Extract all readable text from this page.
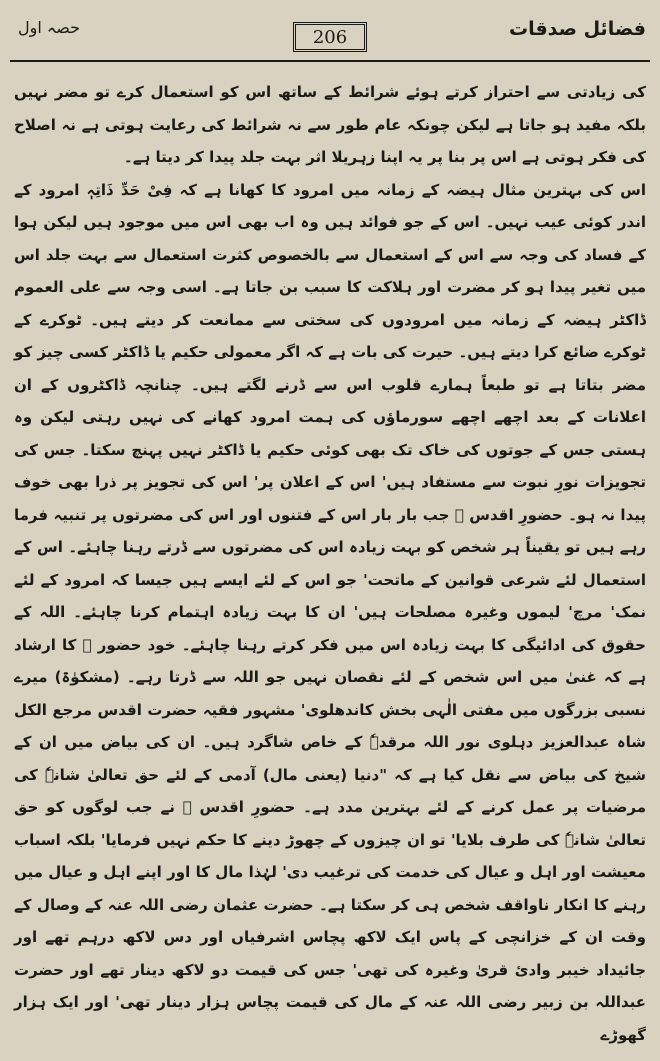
فضائل صدقات
206
حصہ اول

کی زیادتی سے احتراز کرتے ہوئے شرائط کے ساتھ اس کو استعمال کرے تو مضر نہیں بلکہ مفید ہو جاتا ہے لیکن چونکہ عام طور سے نہ شرائط کی رعایت ہوتی ہے نہ اصلاح کی فکر ہوتی ہے اس پر بنا پر یہ اپنا زہریلا اثر بہت جلد پیدا کر دیتا ہے۔

اس کی بہترین مثال ہیضہ کے زمانہ میں امرود کا کھانا ہے کہ فِیْ حَدِّ ذَاتِہٖ امرود کے اندر کوئی عیب نہیں۔ اس کے جو فوائد ہیں وہ اب بھی اس میں موجود ہیں لیکن ہوا کے فساد کی وجہ سے اس کے استعمال سے بالخصوص کثرت استعمال سے بہت جلد اس میں تغیر پیدا ہو کر مضرت اور ہلاکت کا سبب بن جاتا ہے۔ اسی وجہ سے علی العموم ڈاکٹر ہیضہ کے زمانہ میں امرودوں کی سختی سے ممانعت کر دیتے ہیں۔ ٹوکرے کے ٹوکرے ضائع کرا دیتے ہیں۔ حیرت کی بات ہے کہ اگر معمولی حکیم یا ڈاکٹر کسی چیز کو مضر بتاتا ہے تو طبعاً ہمارے قلوب اس سے ڈرنے لگتے ہیں۔ چنانچہ ڈاکٹروں کے ان اعلانات کے بعد اچھے اچھے سورماؤں کی ہمت امرود کھانے کی نہیں رہتی لیکن وہ ہستی جس کے جوتوں کی خاک تک بھی کوئی حکیم یا ڈاکٹر نہیں پہنچ سکتا۔ جس کی تجویزات نورِ نبوت سے مستفاد ہیں' اس کے اعلان پر' اس کی تجویز پر ذرا بھی خوف پیدا نہ ہو۔ حضورِ اقدس ﷺ جب بار بار اس کے فتنوں اور اس کی مضرتوں پر تنبیہ فرما رہے ہیں تو یقیناً ہر شخص کو بہت زیادہ اس کی مضرتوں سے ڈرتے رہنا چاہئے۔ اس کے استعمال لئے شرعی قوانین کے ماتحت' جو اس کے لئے ایسے ہیں جیسا کہ امرود کے لئے نمک' مرچ' لیموں وغیرہ مصلحات ہیں' ان کا بہت زیادہ اہتمام کرنا چاہئے۔ اللہ کے حقوق کی ادائیگی کا بہت زیادہ اس میں فکر کرتے رہنا چاہئے۔ خود حضور ﷺ کا ارشاد ہے کہ غنیٰ میں اس شخص کے لئے نقصان نہیں جو اللہ سے ڈرتا رہے۔ (مشکوٰۃ) میرے نسبی بزرگوں میں مفتی الٰہی بخش کاندھلوی' مشہور فقیہ حضرت اقدس مرجع الکل شاہ عبدالعزیز دہلوی نور اللہ مرقدہٗ کے خاص شاگرد ہیں۔ ان کی بیاض میں ان کے شیخ کی بیاض سے نقل کیا ہے کہ "دنیا (یعنی مال) آدمی کے لئے حق تعالیٰ شانہٗ کی مرضیات پر عمل کرنے کے لئے بہترین مدد ہے۔ حضورِ اقدس ﷺ نے جب لوگوں کو حق تعالیٰ شانہٗ کی طرف بلایا' تو ان چیزوں کے چھوڑ دینے کا حکم نہیں فرمایا' بلکہ اسباب معیشت اور اہل و عیال کی خدمت کی ترغیب دی' لہٰذا مال کا اور اپنے اہل و عیال میں رہنے کا انکار ناواقف شخص ہی کر سکتا ہے۔ حضرت عثمان رضی اللہ عنہ کے وصال کے وقت ان کے خزانچی کے پاس ایک لاکھ پچاس اشرفیاں اور دس لاکھ درہم تھے اور جائیداد خیبر وادیٔ قریٰ وغیرہ کی تھی' جس کی قیمت دو لاکھ دینار تھے اور حضرت عبداللہ بن زبیر رضی اللہ عنہ کے مال کی قیمت پچاس ہزار دینار تھی' اور ایک ہزار گھوڑے
